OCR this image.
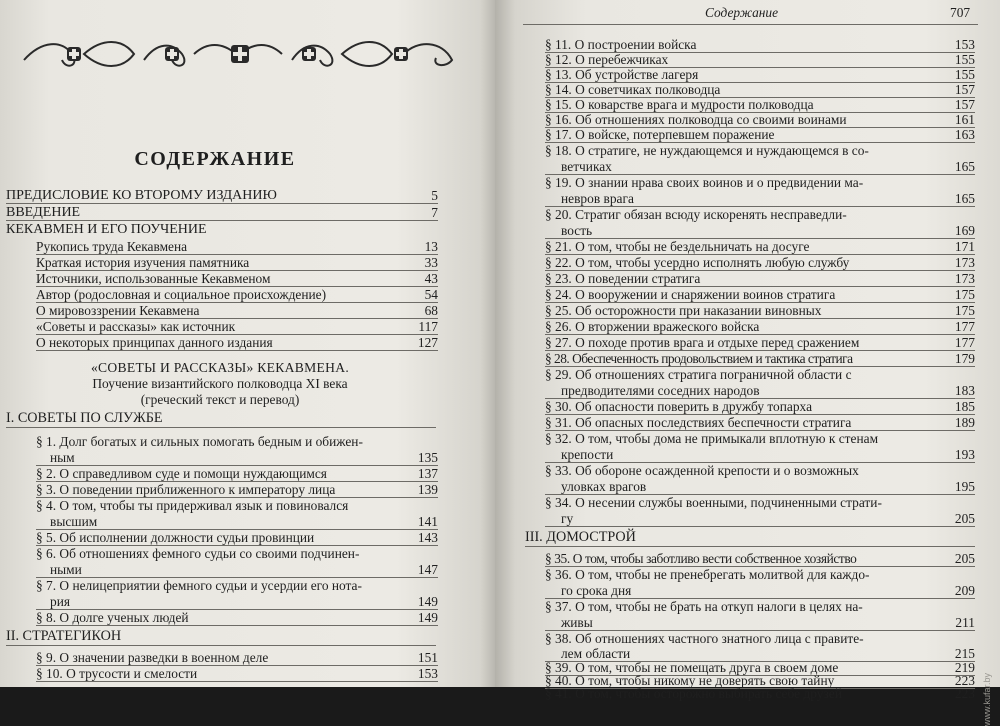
СОДЕРЖАНИЕ
ПРЕДИСЛОВИЕ КО ВТОРОМУ ИЗДАНИЮ	5
ВВЕДЕНИЕ	7
КЕКАВМЕН И ЕГО ПОУЧЕНИЕ
Рукопись труда Кекавмена	13
Краткая история изучения памятника	33
Источники, использованные Кекавменом	43
Автор (родословная и социальное происхождение)	54
О мировоззрении Кекавмена	68
«Советы и рассказы» как источник	117
О некоторых принципах данного издания	127
«СОВЕТЫ И РАССКАЗЫ» КЕКАВМЕНА.
Поучение византийского полководца XI века
(греческий текст и перевод)
I. СОВЕТЫ ПО СЛУЖБЕ
§ 1. Долг богатых и сильных помогать бедным и обижен-
ным	135
§ 2. О справедливом суде и помощи нуждающимся	137
§ 3. О поведении приближенного к императору лица	139
§ 4. О том, чтобы ты придерживал язык и повиновался
высшим	141
§ 5. Об исполнении должности судьи провинции	143
§ 6. Об отношениях фемного судьи со своими подчинен-
ными	147
§ 7. О нелицеприятии фемного судьи и усердии его нота-
рия	149
§ 8. О долге ученых людей	149
II. СТРАТЕГИКОН
§ 9. О значении разведки в военном деле	151
§ 10. О трусости и смелости	153
Содержание	707
§ 11. О построении войска	153
§ 12. О перебежчиках	155
§ 13. Об устройстве лагеря	155
§ 14. О советчиках полководца	157
§ 15. О коварстве врага и мудрости полководца	157
§ 16. Об отношениях полководца со своими воинами	161
§ 17. О войске, потерпевшем поражение	163
§ 18. О стратиге, не нуждающемся и нуждающемся в со-
ветчиках	165
§ 19. О знании нрава своих воинов и о предвидении ма-
невров врага	165
§ 20. Стратиг обязан всюду искоренять несправедли-
вость	169
§ 21. О том, чтобы не бездельничать на досуге	171
§ 22. О том, чтобы усердно исполнять любую службу	173
§ 23. О поведении стратига	173
§ 24. О вооружении и снаряжении воинов стратига	175
§ 25. Об осторожности при наказании виновных	175
§ 26. О вторжении вражеского войска	177
§ 27. О походе против врага и отдыхе перед сражением	177
§ 28. Обеспеченность продовольствием и тактика стратига	179
§ 29. Об отношениях стратига пограничной области с
предводителями соседних народов	183
§ 30. Об опасности поверить в дружбу топарха	185
§ 31. Об опасных последствиях беспечности стратига	189
§ 32. О том, чтобы дома не примыкали вплотную к стенам
крепости	193
§ 33. Об обороне осажденной крепости и о возможных
уловках врагов	195
§ 34. О несении службы военными, подчиненными страти-
гу	205
III. ДОМОСТРОЙ
§ 35. О том, чтобы заботливо вести собственное хозяйство	205
§ 36. О том, чтобы не пренебрегать молитвой для каждо-
го срока дня	209
§ 37. О том, чтобы не брать на откуп налоги в целях на-
живы	211
§ 38. Об отношениях частного знатного лица с правите-
лем области	215
§ 39. О том, чтобы не помещать друга в своем доме	219
§ 40. О том, чтобы никому не доверять свою тайну	223
§ 41. О том, чтобы осторожно выбирать себе друзей	223 www.kufar.by
